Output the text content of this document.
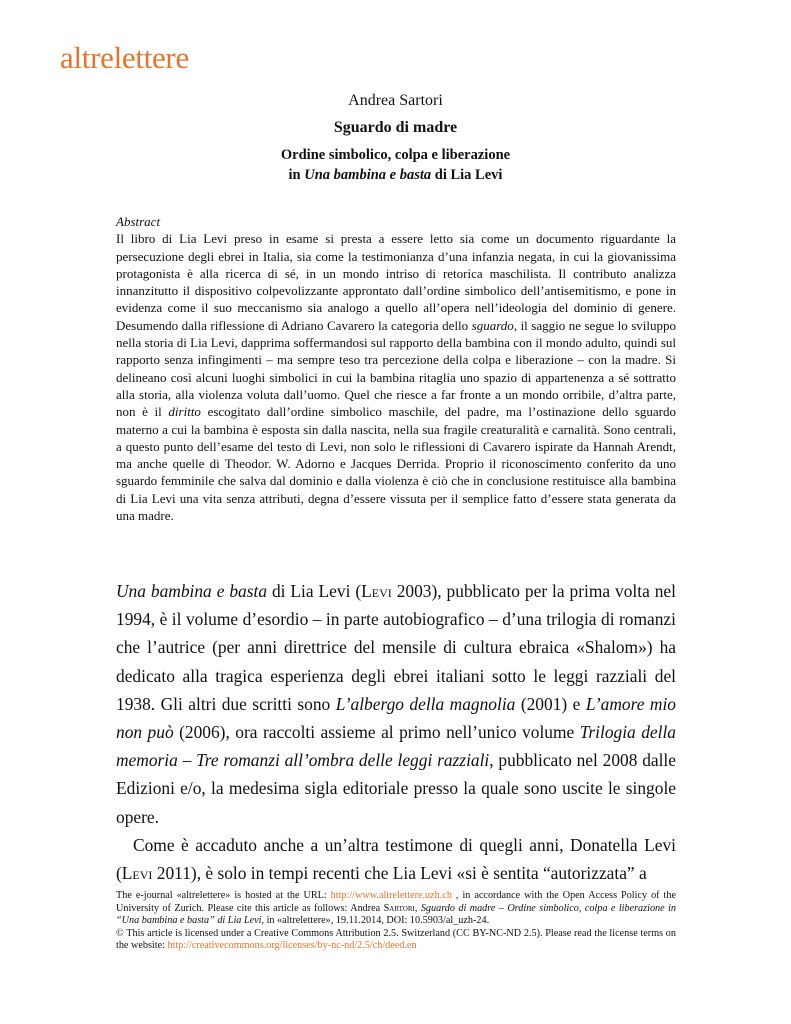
altrelettere
Andrea Sartori
Sguardo di madre
Ordine simbolico, colpa e liberazione
in Una bambina e basta di Lia Levi
Abstract
Il libro di Lia Levi preso in esame si presta a essere letto sia come un documento riguardante la persecuzione degli ebrei in Italia, sia come la testimonianza d’una infanzia negata, in cui la giovanissima protagonista è alla ricerca di sé, in un mondo intriso di retorica maschilista. Il contributo analizza innanzitutto il dispositivo colpevolizzante approntato dall’ordine simbolico dell’antisemitismo, e pone in evidenza come il suo meccanismo sia analogo a quello all’opera nell’ideologia del dominio di genere. Desumendo dalla riflessione di Adriano Cavarero la categoria dello sguardo, il saggio ne segue lo sviluppo nella storia di Lia Levi, dapprima soffermandosi sul rapporto della bambina con il mondo adulto, quindi sul rapporto senza infingimenti – ma sempre teso tra percezione della colpa e liberazione – con la madre. Si delineano così alcuni luoghi simbolici in cui la bambina ritaglia uno spazio di appartenenza a sé sottratto alla storia, alla violenza voluta dall’uomo. Quel che riesce a far fronte a un mondo orribile, d’altra parte, non è il diritto escogitato dall’ordine simbolico maschile, del padre, ma l’ostinazione dello sguardo materno a cui la bambina è esposta sin dalla nascita, nella sua fragile creaturalità e carnalità. Sono centrali, a questo punto dell’esame del testo di Levi, non solo le riflessioni di Cavarero ispirate da Hannah Arendt, ma anche quelle di Theodor. W. Adorno e Jacques Derrida. Proprio il riconoscimento conferito da uno sguardo femminile che salva dal dominio e dalla violenza è ciò che in conclusione restituisce alla bambina di Lia Levi una vita senza attributi, degna d’essere vissuta per il semplice fatto d’essere stata generata da una madre.

Una bambina e basta di Lia Levi (Levi 2003), pubblicato per la prima volta nel 1994, è il volume d’esordio – in parte autobiografico – d’una trilogia di romanzi che l’autrice (per anni direttrice del mensile di cultura ebraica «Shalom») ha dedicato alla tragica esperienza degli ebrei italiani sotto le leggi razziali del 1938. Gli altri due scritti sono L’albergo della magnolia (2001) e L’amore mio non può (2006), ora raccolti assieme al primo nell’unico volume Trilogia della memoria – Tre romanzi all’ombra delle leggi razziali, pubblicato nel 2008 dalle Edizioni e/o, la medesima sigla editoriale presso la quale sono uscite le singole opere.

Come è accaduto anche a un’altra testimone di quegli anni, Donatella Levi (Levi 2011), è solo in tempi recenti che Lia Levi «si è sentita “autorizzata” a

The e-journal «altrelettere» is hosted at the URL: http://www.altrelettere.uzh.ch , in accordance with the Open Access Policy of the University of Zurich. Please cite this article as follows: Andrea Sartori, Sguardo di madre – Ordine simbolico, colpa e liberazione in “Una bambina e basta” di Lia Levi, in «altrelettere», 19.11.2014, DOI: 10.5903/al_uzh-24.

© This article is licensed under a Creative Commons Attribution 2.5. Switzerland (CC BY-NC-ND 2.5). Please read the license terms on the website: http://creativecommons.org/licenses/by-nc-nd/2.5/ch/deed.en
